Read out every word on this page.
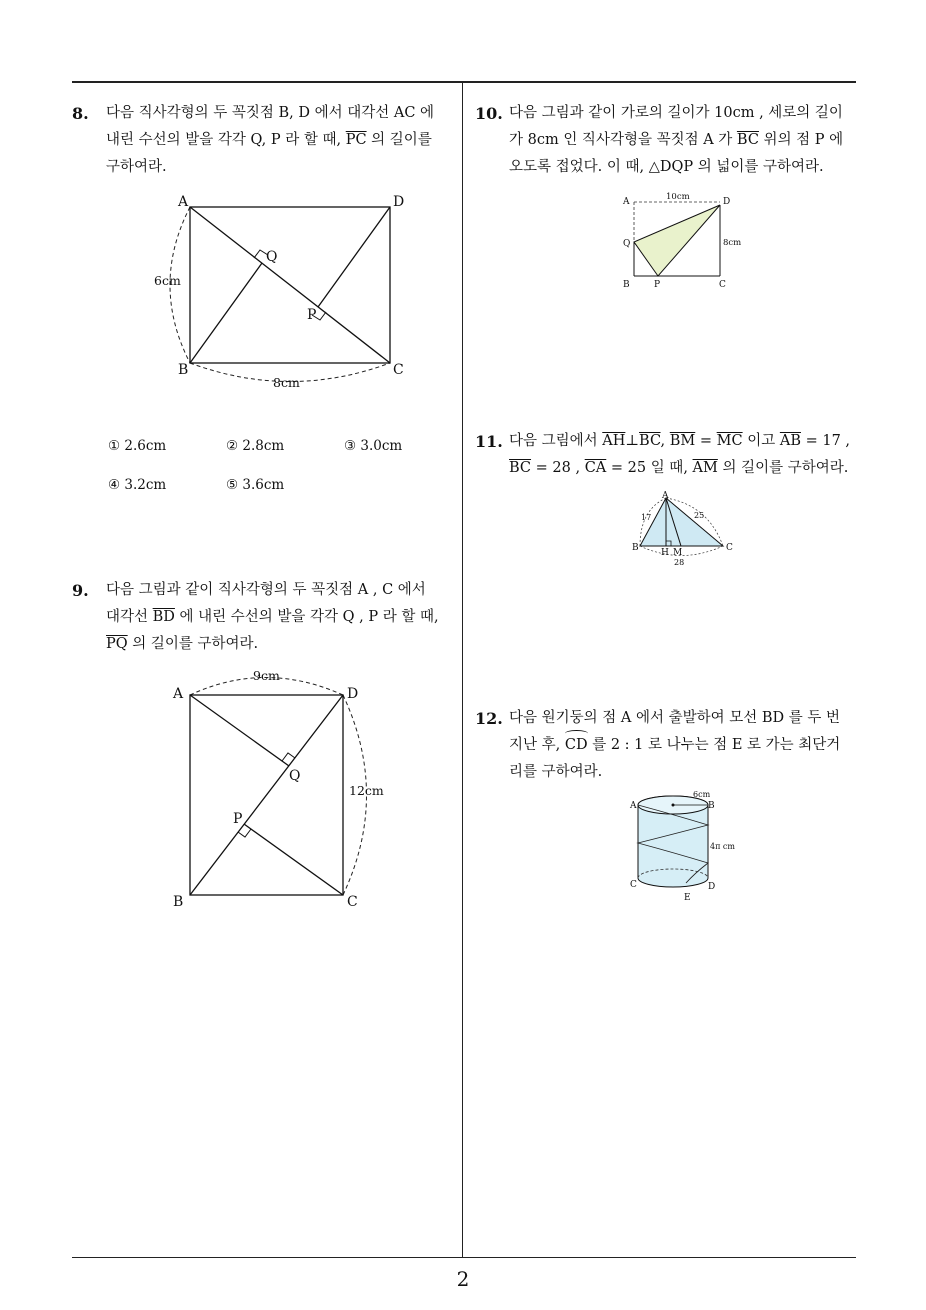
8. 다음 직사각형의 두 꼭짓점 B, D 에서 대각선 AC 에
내린 수선의 발을 각각 Q, P 라 할 때, $\overline{PC}$ 의 길이를
구하여라.
A	D
B	C
Q
P
6cm
8cm
① 2.6cm	② 2.8cm	③ 3.0cm
④ 3.2cm	⑤ 3.6cm
9. 다음 그림과 같이 직사각형의 두 꼭짓점 A , C 에서
대각선 $\overline{BD}$ 에 내린 수선의 발을 각각 Q , P 라 할 때,
$\overline{PQ}$ 의 길이를 구하여라.
A	D
B	C
Q
P
9cm
12cm
10. 다음 그림과 같이 가로의 길이가 10cm , 세로의 길이
가 8cm 인 직사각형을 꼭짓점 A 가 $\overline{BC}$ 위의 점 P 에
오도록 접었다. 이 때, △DQP 의 넓이를 구하여라.
A	D
Q
B	P	C
10cm
8cm
11. 다음 그림에서 $\overline{AH}\perp\overline{BC}$, $\overline{BM} = \overline{MC}$ 이고 $\overline{AB} = 17$ ,
$\overline{BC} = 28$ , $\overline{CA} = 25$ 일 때, $\overline{AM}$ 의 길이를 구하여라.
A
B	C
H M
17	25
28
12. 다음 원기둥의 점 A 에서 출발하여 모선 BD 를 두 번
지난 후, CD 를 2 : 1 로 나누는 점 E 로 가는 최단거
리를 구하여라.
A	B
C	D
E
6cm
4π cm
2
